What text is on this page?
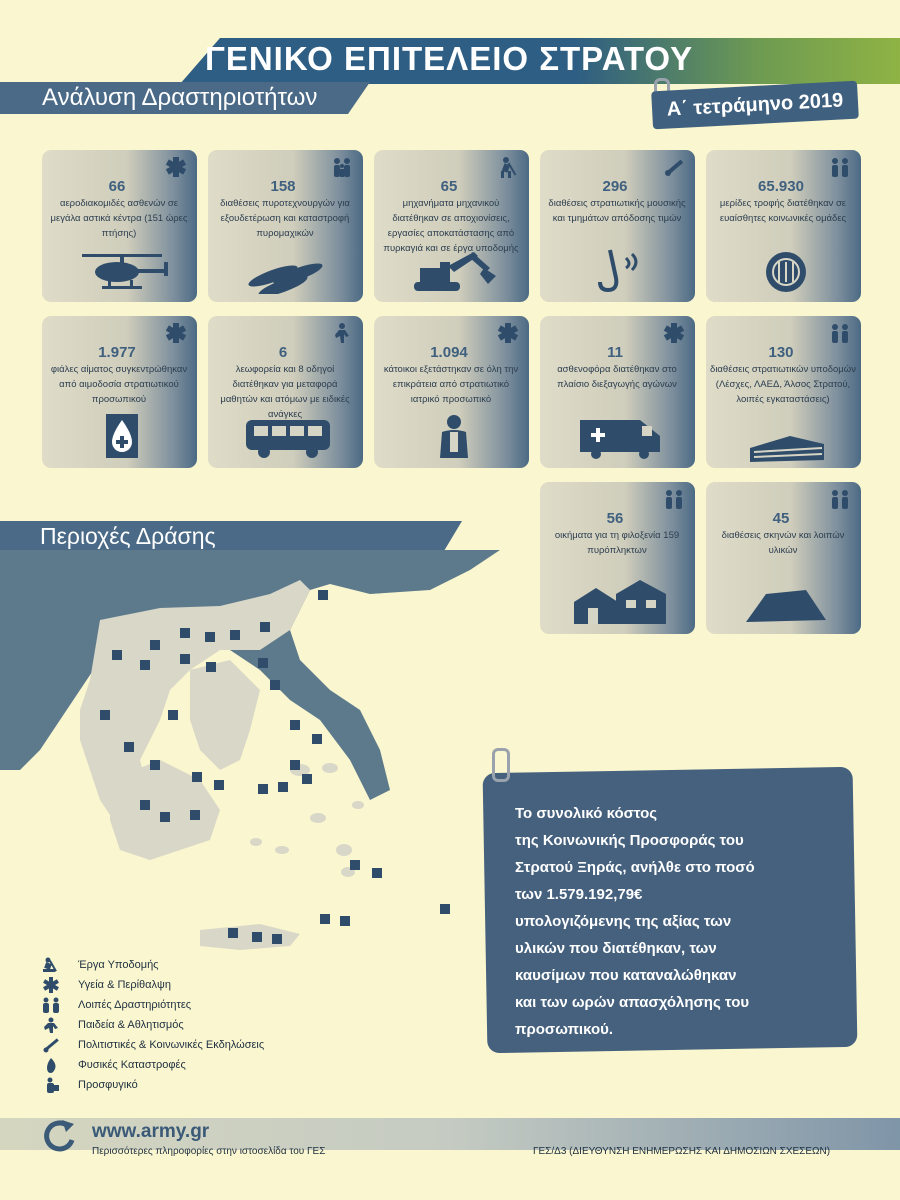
ΓΕΝΙΚΟ ΕΠΙΤΕΛΕΙΟ ΣΤΡΑΤΟΥ
Ανάλυση Δραστηριοτήτων	Α΄ τετράμηνο 2019
66
αεροδιακομιδές ασθενών σε μεγάλα αστικά κέντρα (151 ώρες πτήσης)
158
διαθέσεις πυροτεχνουργών για εξουδετέρωση και καταστροφή πυρομαχικών
65
μηχανήματα μηχανικού διατέθηκαν σε αποχιονίσεις, εργασίες αποκατάστασης από πυρκαγιά και σε έργα υποδομής
296
διαθέσεις στρατιωτικής μουσικής και τμημάτων απόδοσης τιμών
65.930
μερίδες τροφής διατέθηκαν σε ευαίσθητες κοινωνικές ομάδες
1.977
φιάλες αίματος συγκεντρώθηκαν από αιμοδοσία στρατιωτικού προσωπικού
6
λεωφορεία και 8 οδηγοί διατέθηκαν για μεταφορά μαθητών και ατόμων με ειδικές ανάγκες
1.094
κάτοικοι εξετάστηκαν σε όλη την επικράτεια από στρατιωτικό ιατρικό προσωπικό
11
ασθενοφόρα διατέθηκαν στο πλαίσιο διεξαγωγής αγώνων
130
διαθέσεις στρατιωτικών υποδομών (Λέσχες, ΛΑΕΔ, Άλσος Στρατού, λοιπές εγκαταστάσεις)
56
οικήματα για τη φιλοξενία 159 πυρόπληκτων
45
διαθέσεις σκηνών και λοιπών υλικών
Περιοχές Δράσης
Έργα Υποδομής
Υγεία & Περίθαλψη
Λοιπές Δραστηριότητες
Παιδεία & Αθλητισμός
Πολιτιστικές & Κοινωνικές Εκδηλώσεις
Φυσικές Καταστροφές
Προσφυγικό
Το συνολικό κόστος
της Κοινωνικής Προσφοράς του
Στρατού Ξηράς, ανήλθε στο ποσό
των 1.579.192,79€
υπολογιζόμενης της αξίας των
υλικών που διατέθηκαν, των
καυσίμων που καταναλώθηκαν
και των ωρών απασχόλησης του
προσωπικού.
www.army.gr
Περισσότερες πληροφορίες στην ιστοσελίδα του ΓΕΣ	ΓΕΣ/Δ3 (ΔΙΕΥΘΥΝΣΗ ΕΝΗΜΕΡΩΣΗΣ ΚΑΙ ΔΗΜΟΣΙΩΝ ΣΧΕΣΕΩΝ)
